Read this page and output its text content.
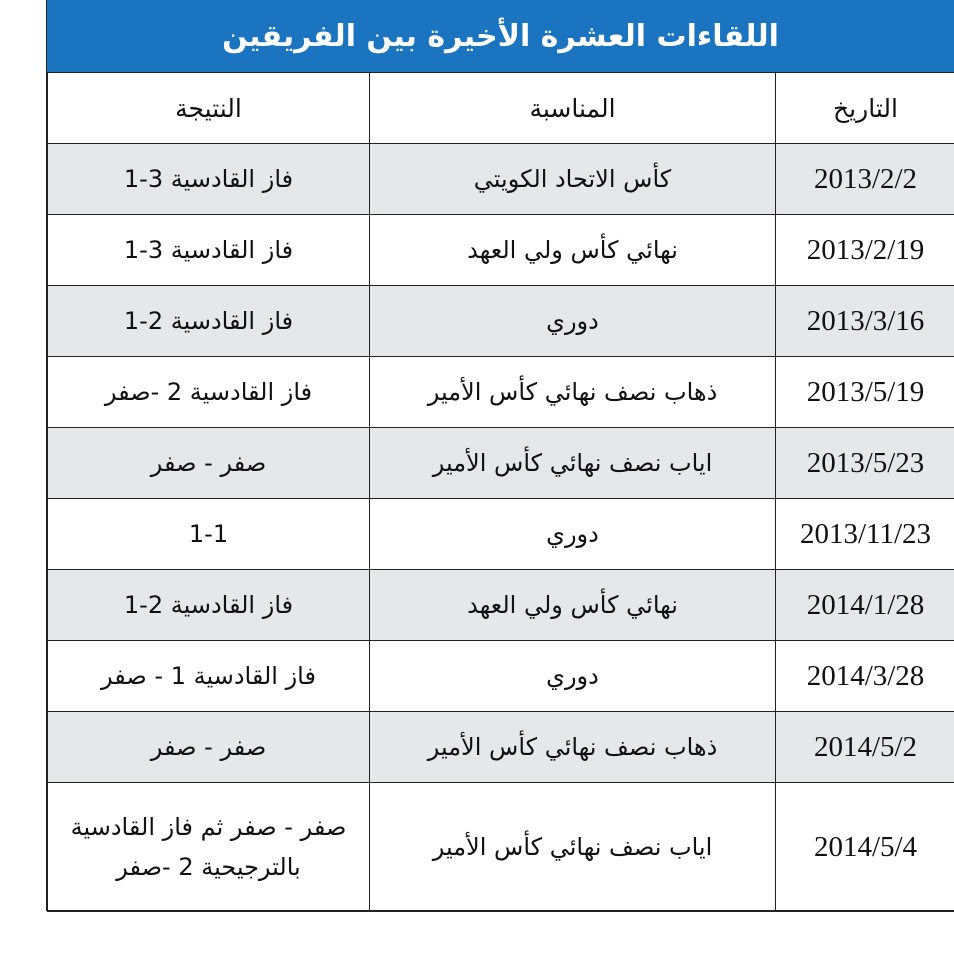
اللقاءات العشرة الأخيرة بين الفريقين
النتيجة	المناسبة	التاريخ
فاز القادسية 3-1	كأس الاتحاد الكويتي	2013/2/2
فاز القادسية 3-1	نهائي كأس ولي العهد	2013/2/19
فاز القادسية 2-1	دوري	2013/3/16
فاز القادسية 2 -صفر	ذهاب نصف نهائي كأس الأمير	2013/5/19
صفر - صفر	اياب نصف نهائي كأس الأمير	2013/5/23
1-1	دوري	2013/11/23
فاز القادسية 2-1	نهائي كأس ولي العهد	2014/1/28
فاز القادسية 1 - صفر	دوري	2014/3/28
صفر - صفر	ذهاب نصف نهائي كأس الأمير	2014/5/2

صفر - صفر ثم فاز القادسية
بالترجيحية 2 -صفر	اياب نصف نهائي كأس الأمير	2014/5/4
